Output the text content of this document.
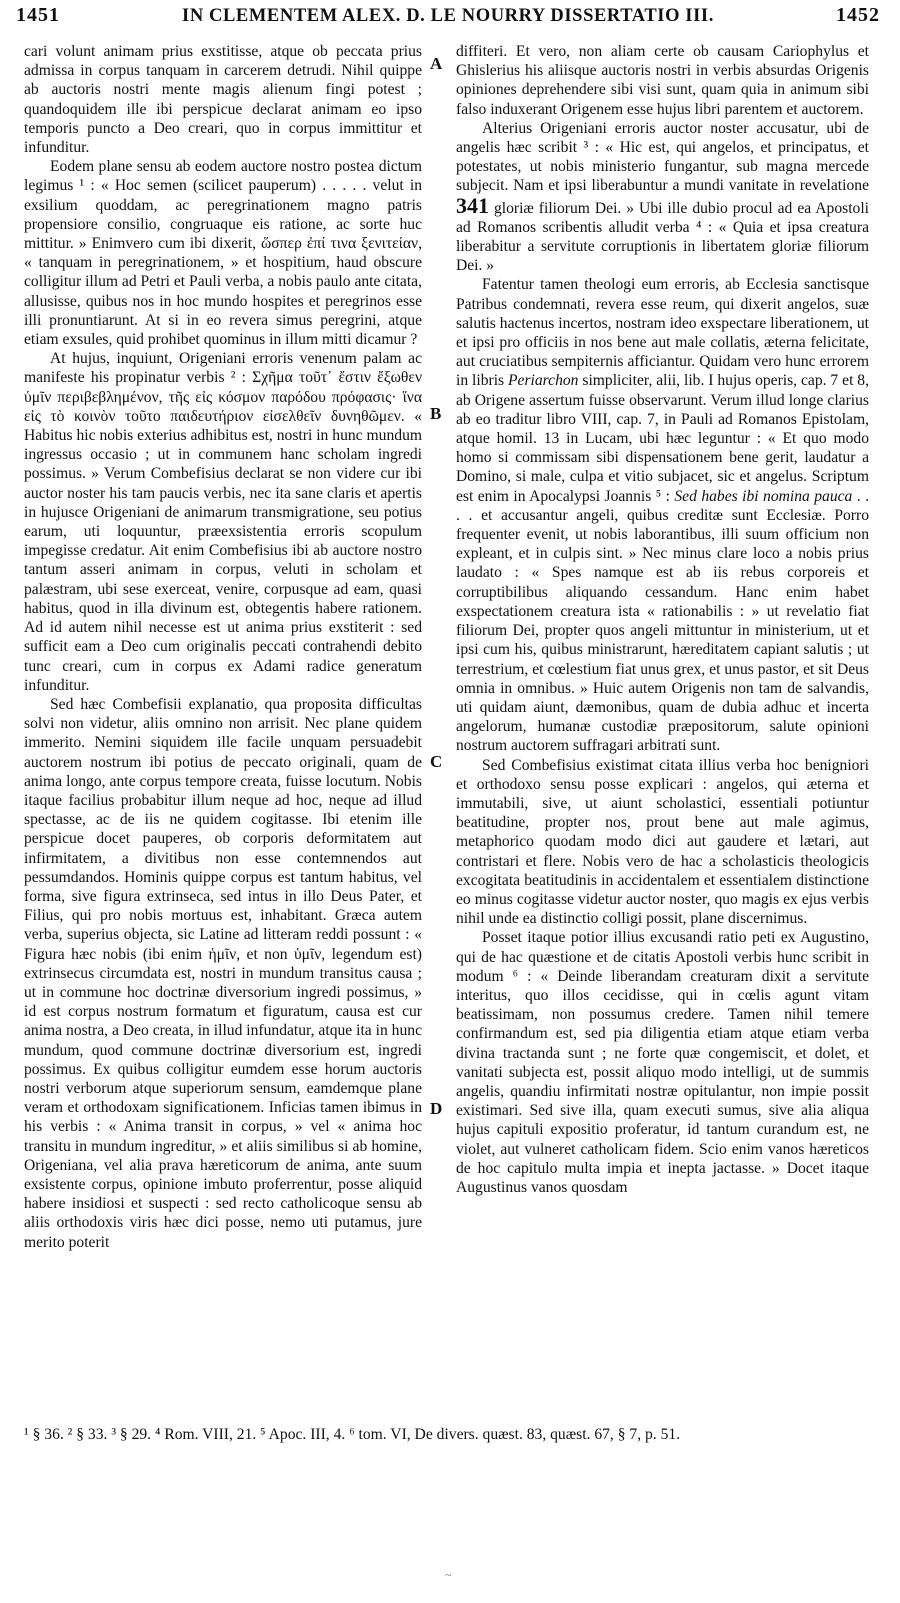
1451	IN CLEMENTEM ALEX. D. LE NOURRY DISSERTATIO III.	1452

cari volunt animam prius exstitisse, atque ob peccata prius admissa in corpus tanquam in carcerem detrudi. Nihil quippe ab auctoris nostri mente magis alienum fingi potest ; quandoquidem ille ibi perspicue declarat animam eo ipso temporis puncto a Deo creari, quo in corpus immittitur et infunditur.

Eodem plane sensu ab eodem auctore nostro postea dictum legimus ¹ : « Hoc semen (scilicet pauperum) . . . . . velut in exsilium quoddam, ac peregrinationem magno patris propensiore consilio, congruaque eis ratione, ac sorte huc mittitur. » Enimvero cum ibi dixerit, ὥσπερ ἐπί τινα ξενιτείαν, « tanquam in peregrinationem, » et hospitium, haud obscure colligitur illum ad Petri et Pauli verba, a nobis paulo ante citata, allusisse, quibus nos in hoc mundo hospites et peregrinos esse illi pronuntiarunt. At si in eo revera simus peregrini, atque etiam exsules, quid prohibet quominus in illum mitti dicamur ?

At hujus, inquiunt, Origeniani erroris venenum palam ac manifeste his propinatur verbis ² : Σχῆμα τοῦτ᾽ ἔστιν ἔξωθεν ὑμῖν περιβεβλημένον, τῆς εἰς κόσμον παρόδου πρόφασις· ἵνα εἰς τὸ κοινὸν τοῦτο παιδευτήριον εἰσελθεῖν δυνηθῶμεν. « Habitus hic nobis exterius adhibitus est, nostri in hunc mundum ingressus occasio ; ut in communem hanc scholam ingredi possimus. » Verum Combefisius declarat se non videre cur ibi auctor noster his tam paucis verbis, nec ita sane claris et apertis in hujusce Origeniani de animarum transmigratione, seu potius earum, uti loquuntur, præexsistentia erroris scopulum impegisse credatur. Ait enim Combefisius ibi ab auctore nostro tantum asseri animam in corpus, veluti in scholam et palæstram, ubi sese exerceat, venire, corpusque ad eam, quasi habitus, quod in illa divinum est, obtegentis habere rationem. Ad id autem nihil necesse est ut anima prius exstiterit : sed sufficit eam a Deo cum originalis peccati contrahendi debito tunc creari, cum in corpus ex Adami radice generatum infunditur.

Sed hæc Combefisii explanatio, qua proposita difficultas solvi non videtur, aliis omnino non arrisit. Nec plane quidem immerito. Nemini siquidem ille facile unquam persuadebit auctorem nostrum ibi potius de peccato originali, quam de anima longo, ante corpus tempore creata, fuisse locutum. Nobis itaque facilius probabitur illum neque ad hoc, neque ad illud spectasse, ac de iis ne quidem cogitasse. Ibi etenim ille perspicue docet pauperes, ob corporis deformitatem aut infirmitatem, a divitibus non esse contemnendos aut pessumdandos. Hominis quippe corpus est tantum habitus, vel forma, sive figura extrinseca, sed intus in illo Deus Pater, et Filius, qui pro nobis mortuus est, inhabitant. Græca autem verba, superius objecta, sic Latine ad litteram reddi possunt : « Figura hæc nobis (ibi enim ἡμῖν, et non ὑμῖν, legendum est) extrinsecus circumdata est, nostri in mundum transitus causa ; ut in commune hoc doctrinæ diversorium ingredi possimus, » id est corpus nostrum formatum et figuratum, causa est cur anima nostra, a Deo creata, in illud infundatur, atque ita in hunc mundum, quod commune doctrinæ diversorium est, ingredi possimus. Ex quibus colligitur eumdem esse horum auctoris nostri verborum atque superiorum sensum, eamdemque plane veram et orthodoxam significationem. Inficias tamen ibimus in his verbis : « Anima transit in corpus, » vel « anima hoc transitu in mundum ingreditur, » et aliis similibus si ab homine, Origeniana, vel alia prava hæreticorum de anima, ante suum exsistente corpus, opinione imbuto proferrentur, posse aliquid habere insidiosi et suspecti : sed recto catholicoque sensu ab aliis orthodoxis viris hæc dici posse, nemo uti putamus, jure merito poterit

A
B
C
D

diffiteri. Et vero, non aliam certe ob causam Cariophylus et Ghislerius his aliisque auctoris nostri in verbis absurdas Origenis opiniones deprehendere sibi visi sunt, quam quia in animum sibi falso induxerant Origenem esse hujus libri parentem et auctorem.

Alterius Origeniani erroris auctor noster accusatur, ubi de angelis hæc scribit ³ : « Hic est, qui angelos, et principatus, et potestates, ut nobis ministerio fungantur, sub magna mercede subjecit. Nam et ipsi liberabuntur a mundi vanitate in revelatione 341 gloriæ filiorum Dei. » Ubi ille dubio procul ad ea Apostoli ad Romanos scribentis alludit verba ⁴ : « Quia et ipsa creatura liberabitur a servitute corruptionis in libertatem gloriæ filiorum Dei. »

Fatentur tamen theologi eum erroris, ab Ecclesia sanctisque Patribus condemnati, revera esse reum, qui dixerit angelos, suæ salutis hactenus incertos, nostram ideo exspectare liberationem, ut et ipsi pro officiis in nos bene aut male collatis, æterna felicitate, aut cruciatibus sempiternis afficiantur. Quidam vero hunc errorem in libris Periarchon simpliciter, alii, lib. I hujus operis, cap. 7 et 8, ab Origene assertum fuisse observarunt. Verum illud longe clarius ab eo traditur libro VIII, cap. 7, in Pauli ad Romanos Epistolam, atque homil. 13 in Lucam, ubi hæc leguntur : « Et quo modo homo si commissam sibi dispensationem bene gerit, laudatur a Domino, si male, culpa et vitio subjacet, sic et angelus. Scriptum est enim in Apocalypsi Joannis ⁵ : Sed habes ibi nomina pauca . . . . et accusantur angeli, quibus creditæ sunt Ecclesiæ. Porro frequenter evenit, ut nobis laborantibus, illi suum officium non expleant, et in culpis sint. » Nec minus clare loco a nobis prius laudato : « Spes namque est ab iis rebus corporeis et corruptibilibus aliquando cessandum. Hanc enim habet exspectationem creatura ista « rationabilis : » ut revelatio fiat filiorum Dei, propter quos angeli mittuntur in ministerium, ut et ipsi cum his, quibus ministrarunt, hæreditatem capiant salutis ; ut terrestrium, et cœlestium fiat unus grex, et unus pastor, et sit Deus omnia in omnibus. » Huic autem Origenis non tam de salvandis, uti quidam aiunt, dæmonibus, quam de dubia adhuc et incerta angelorum, humanæ custodiæ præpositorum, salute opinioni nostrum auctorem suffragari arbitrati sunt.

Sed Combefisius existimat citata illius verba hoc benigniori et orthodoxo sensu posse explicari : angelos, qui æterna et immutabili, sive, ut aiunt scholastici, essentiali potiuntur beatitudine, propter nos, prout bene aut male agimus, metaphorico quodam modo dici aut gaudere et lætari, aut contristari et flere. Nobis vero de hac a scholasticis theologicis excogitata beatitudinis in accidentalem et essentialem distinctione eo minus cogitasse videtur auctor noster, quo magis ex ejus verbis nihil unde ea distinctio colligi possit, plane discernimus.

Posset itaque potior illius excusandi ratio peti ex Augustino, qui de hac quæstione et de citatis Apostoli verbis hunc scribit in modum ⁶ : « Deinde liberandam creaturam dixit a servitute interitus, quo illos cecidisse, qui in cœlis agunt vitam beatissimam, non possumus credere. Tamen nihil temere confirmandum est, sed pia diligentia etiam atque etiam verba divina tractanda sunt ; ne forte quæ congemiscit, et dolet, et vanitati subjecta est, possit aliquo modo intelligi, ut de summis angelis, quandiu infirmitati nostræ opitulantur, non impie possit existimari. Sed sive illa, quam executi sumus, sive alia aliqua hujus capituli expositio proferatur, id tantum curandum est, ne violet, aut vulneret catholicam fidem. Scio enim vanos hæreticos de hoc capitulo multa impia et inepta jactasse. » Docet itaque Augustinus vanos quosdam

¹ § 36. ² § 33. ³ § 29. ⁴ Rom. VIII, 21. ⁵ Apoc. III, 4. ⁶ tom. VI, De divers. quæst. 83, quæst. 67, § 7, p. 51.
~
